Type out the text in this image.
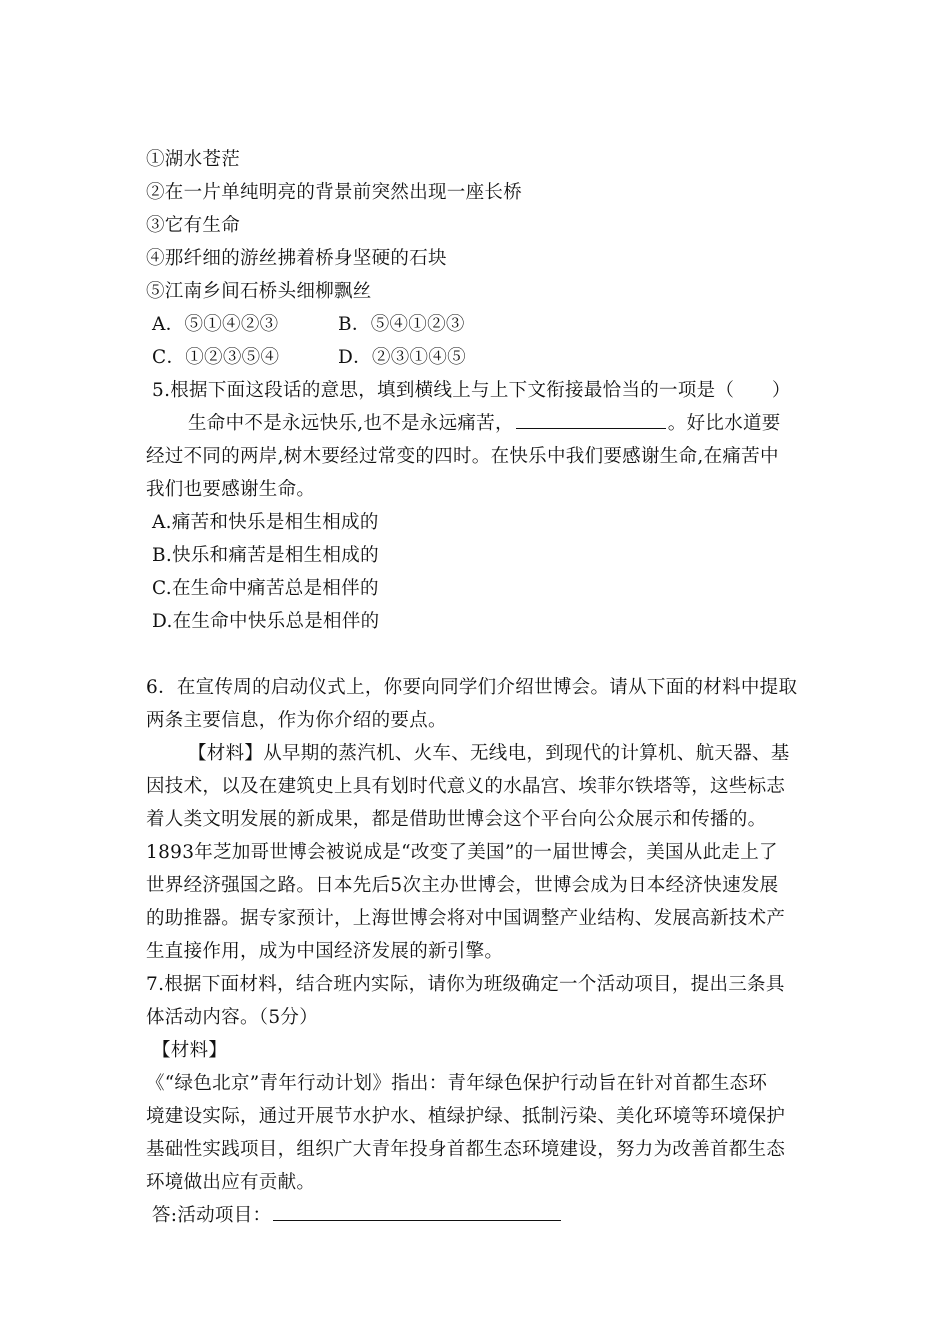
①湖水苍茫
②在一片单纯明亮的背景前突然出现一座长桥
③它有生命
④那纤细的游丝拂着桥身坚硬的石块
⑤江南乡间石桥头细柳飘丝
A．⑤①④②③	B．⑤④①②③
C．①②③⑤④	D．②③①④⑤
5.根据下面这段话的意思，填到横线上与上下文衔接最恰当的一项是（　　）
生命中不是永远快乐,也不是永远痛苦，	。好比水道要
经过不同的两岸,树木要经过常变的四时。在快乐中我们要感谢生命,在痛苦中
我们也要感谢生命。
A.痛苦和快乐是相生相成的
B.快乐和痛苦是相生相成的
C.在生命中痛苦总是相伴的
D.在生命中快乐总是相伴的
6．在宣传周的启动仪式上，你要向同学们介绍世博会。请从下面的材料中提取
两条主要信息，作为你介绍的要点。
【材料】从早期的蒸汽机、火车、无线电，到现代的计算机、航天器、基
因技术，以及在建筑史上具有划时代意义的水晶宫、埃菲尔铁塔等，这些标志
着人类文明发展的新成果，都是借助世博会这个平台向公众展示和传播的。
1893年芝加哥世博会被说成是“改变了美国”的一届世博会，美国从此走上了
世界经济强国之路。日本先后5次主办世博会，世博会成为日本经济快速发展
的助推器。据专家预计，上海世博会将对中国调整产业结构、发展高新技术产
生直接作用，成为中国经济发展的新引擎。
7.根据下面材料，结合班内实际，请你为班级确定一个活动项目，提出三条具
体活动内容。（5分）
【材料】
《“绿色北京”青年行动计划》指出：青年绿色保护行动旨在针对首都生态环
境建设实际，通过开展节水护水、植绿护绿、抵制污染、美化环境等环境保护
基础性实践项目，组织广大青年投身首都生态环境建设，努力为改善首都生态
环境做出应有贡献。
答:活动项目：
